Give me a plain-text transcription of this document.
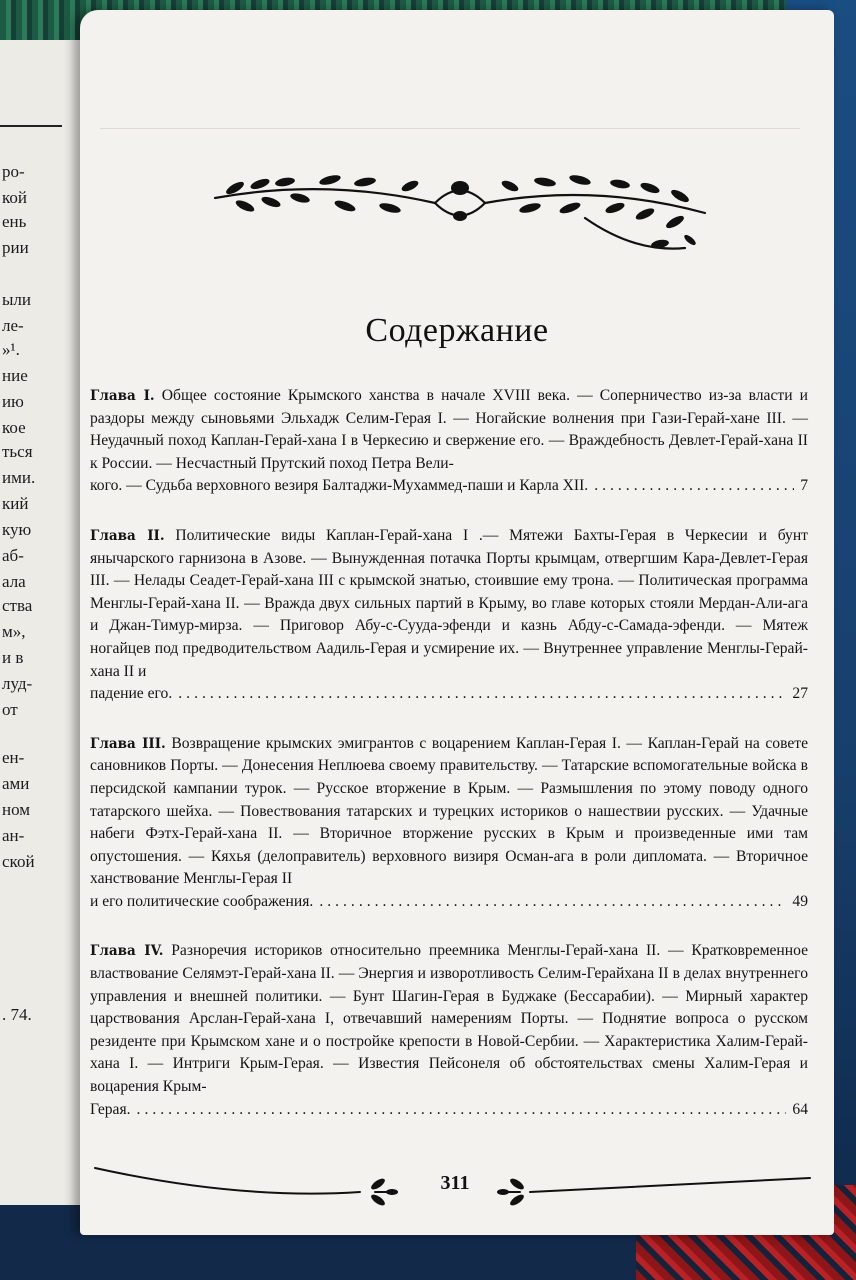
ро-
кой
ень
рии
ыли
ле-
»¹.
ние
ию
кое
ться
ими.
кий
кую
аб-
ала
ства
м»,
и в
луд-
от
ен-
ами
ном
ан-
ской
. 74.
Содержание
Глава I. Общее состояние Крымского ханства в начале XVIII века. — Соперничество из-за власти и раздоры между сыновьями Эльхадж Селим-Герая I. — Ногайские волнения при Гази-Герай-хане III. — Неудачный поход Каплан-Герай-хана I в Черкесию и свержение его. — Враждебность Девлет-Герай-хана II к России. — Несчастный Прутский поход Петра Вели-
кого. — Судьба верховного везиря Балтаджи-Мухаммед-паши и Карла XII. .....	7
Глава II. Политические виды Каплан-Герай-хана I .— Мятежи Бахты-Герая в Черкесии и бунт янычарского гарнизона в Азове. — Вынужденная потачка Порты крымцам, отвергшим Кара-Девлет-Герая III. — Нелады Сеадет-Герай-хана III с крымской знатью, стоившие ему трона. — Политическая программа Менглы-Герай-хана II. — Вражда двух сильных партий в Крыму, во главе которых стояли Мердан-Али-ага и Джан-Тимур-мирза. — Приговор Абу-с-Сууда-эфенди и казнь Абду-с-Самада-эфенди. — Мятеж ногайцев под предводительством Аадиль-Герая и усмирение их. — Внутреннее управление Менглы-Герай-хана II и
падение его. .....	27
Глава III. Возвращение крымских эмигрантов с воцарением Каплан-Герая I. — Каплан-Герай на совете сановников Порты. — Донесения Неплюева своему правительству. — Татарские вспомогательные войска в персидской кампании турок. — Русское вторжение в Крым. — Размышления по этому поводу одного татарского шейха. — Повествования татарских и турецких историков о нашествии русских. — Удачные набеги Фэтх-Герай-хана II. — Вторичное вторжение русских в Крым и произведенные ими там опустошения. — Кяхья (делоправитель) верховного визиря Осман-ага в роли дипломата. — Вторичное ханствование Менглы-Герая II
и его политические соображения. .....	49
Глава IV. Разноречия историков относительно преемника Менглы-Герай-хана II. — Кратковременное властвование Селямэт-Герай-хана II. — Энергия и изворотливость Селим-Герайхана II в делах внутреннего управления и внешней политики. — Бунт Шагин-Герая в Буджаке (Бессарабии). — Мирный характер царствования Арслан-Герай-хана I, отвечавший намерениям Порты. — Поднятие вопроса о русском резиденте при Крымском хане и о постройке крепости в Новой-Сербии. — Характеристика Халим-Герай-хана I. — Интриги Крым-Герая. — Известия Пейсонеля об обстоятельствах смены Халим-Герая и воцарения Крым-
Герая. .....	64
311
